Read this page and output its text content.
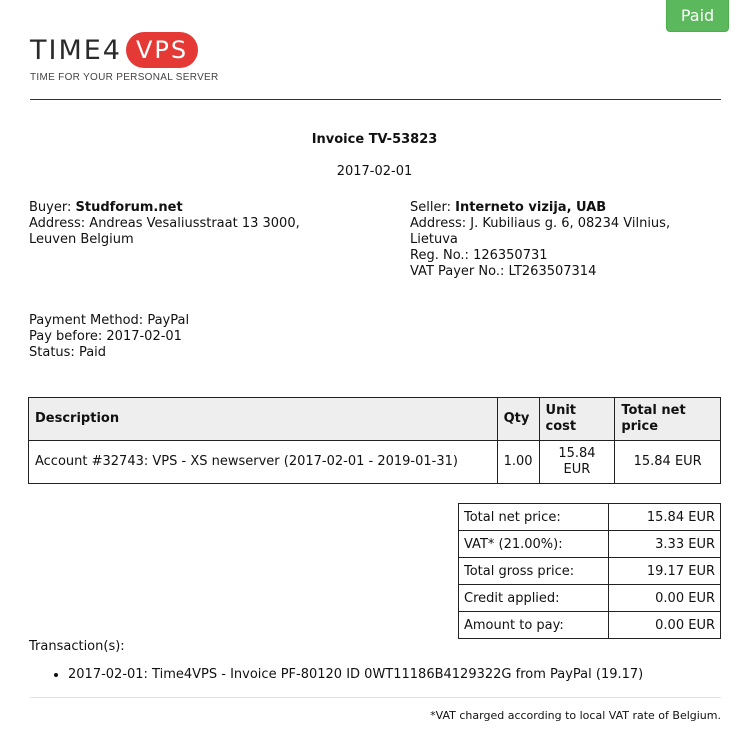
Paid
TIME4 VPS
TIME FOR YOUR PERSONAL SERVER
Invoice TV-53823
2017-02-01
Buyer: Studforum.net
Address: Andreas Vesaliusstraat 13 3000, Leuven Belgium
Seller: Interneto vizija, UAB
Address: J. Kubiliaus g. 6, 08234 Vilnius, Lietuva
Reg. No.: 126350731
VAT Payer No.: LT263507314
Payment Method: PayPal
Pay before: 2017-02-01
Status: Paid
Description	Qty	Unit cost	Total net price
Account #32743: VPS - XS newserver (2017-02-01 - 2019-01-31)	1.00	15.84 EUR	15.84 EUR
Total net price:	15.84 EUR
VAT* (21.00%):	3.33 EUR
Total gross price:	19.17 EUR
Credit applied:	0.00 EUR
Amount to pay:	0.00 EUR
Transaction(s):
• 2017-02-01: Time4VPS - Invoice PF-80120 ID 0WT11186B4129322G from PayPal (19.17)
*VAT charged according to local VAT rate of Belgium.
